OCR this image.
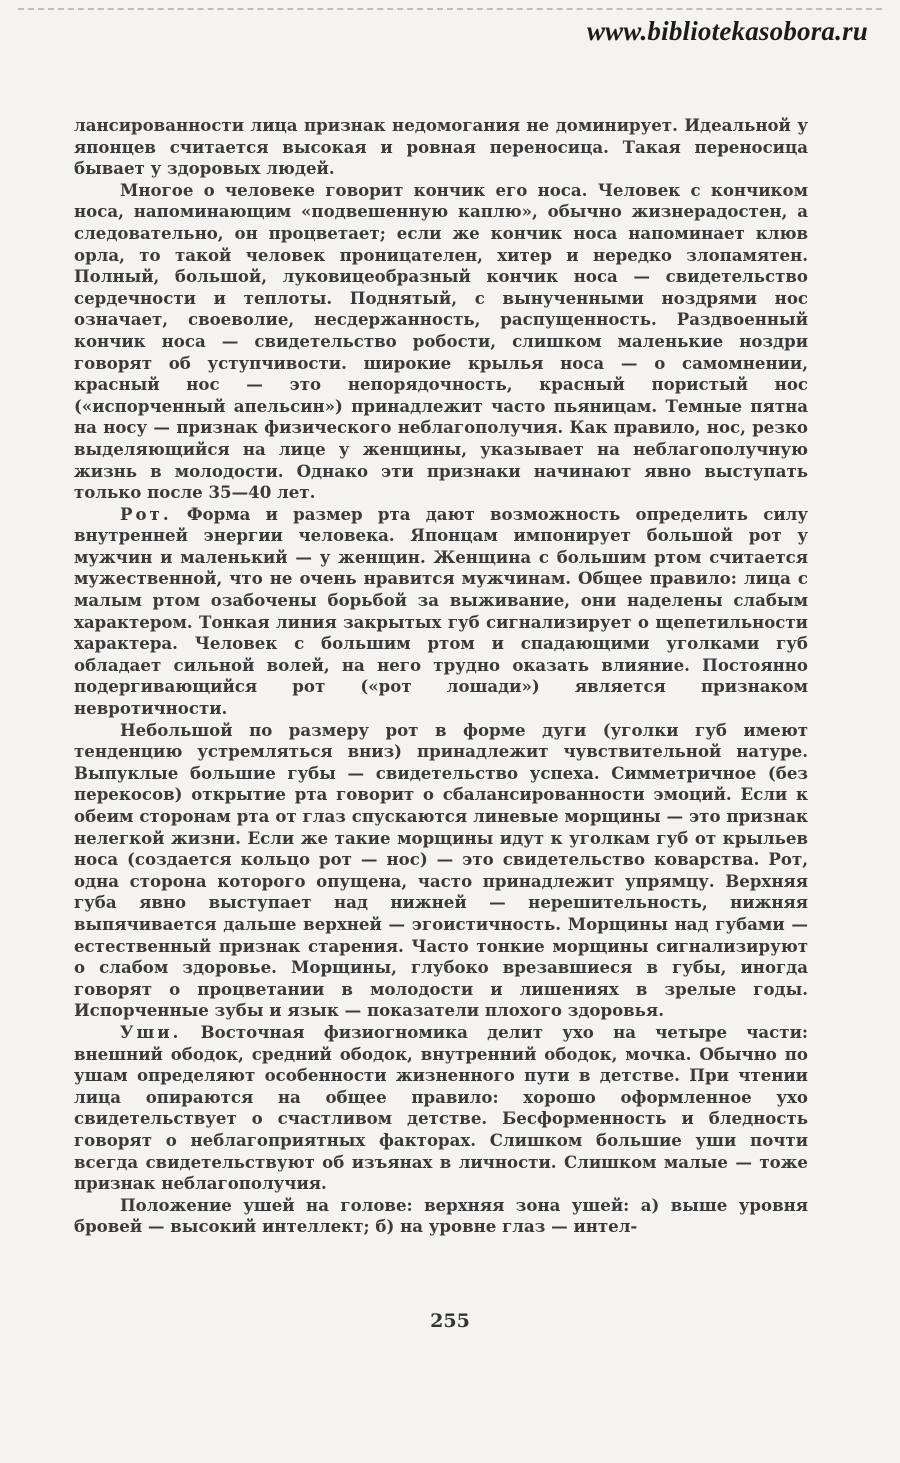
www.bibliotekasobora.ru

лансированности лица признак недомогания не доминирует. Идеальной у японцев считается высокая и ровная переносица. Такая переносица бывает у здоровых людей.

Многое о человеке говорит кончик его носа. Человек с кончиком носа, напоминающим «подвешенную каплю», обычно жизнерадостен, а следовательно, он процветает; если же кончик носа напоминает клюв орла, то такой человек проницателен, хитер и нередко злопамятен. Полный, большой, луковицеобразный кончик носа — свидетельство сердечности и теплоты. Поднятый, с вынученными ноздрями нос означает, своеволие, несдержанность, распущенность. Раздвоенный кончик носа — свидетельство робости, слишком маленькие ноздри говорят об уступчивости. широкие крылья носа — о самомнении, красный нос — это непорядочность, красный пористый нос («испорченный апельсин») принадлежит часто пьяницам. Темные пятна на носу — признак физического неблагополучия. Как правило, нос, резко выделяющийся на лице у женщины, указывает на неблагополучную жизнь в молодости. Однако эти признаки начинают явно выступать только после 35—40 лет.

Рот. Форма и размер рта дают возможность определить силу внутренней энергии человека. Японцам импонирует большой рот у мужчин и маленький — у женщин. Женщина с большим ртом считается мужественной, что не очень нравится мужчинам. Общее правило: лица с малым ртом озабочены борьбой за выживание, они наделены слабым характером. Тонкая линия закрытых губ сигнализирует о щепетильности характера. Человек с большим ртом и спадающими уголками губ обладает сильной волей, на него трудно оказать влияние. Постоянно подергивающийся рот («рот лошади») является признаком невротичности.

Небольшой по размеру рот в форме дуги (уголки губ имеют тенденцию устремляться вниз) принадлежит чувствительной натуре. Выпуклые большие губы — свидетельство успеха. Симметричное (без перекосов) открытие рта говорит о сбалансированности эмоций. Если к обеим сторонам рта от глаз спускаются линевые морщины — это признак нелегкой жизни. Если же такие морщины идут к уголкам губ от крыльев носа (создается кольцо рот — нос) — это свидетельство коварства. Рот, одна сторона которого опущена, часто принадлежит упрямцу. Верхняя губа явно выступает над нижней — нерешительность, нижняя выпячивается дальше верхней — эгоистичность. Морщины над губами — естественный признак старения. Часто тонкие морщины сигнализируют о слабом здоровье. Морщины, глубоко врезавшиеся в губы, иногда говорят о процветании в молодости и лишениях в зрелые годы. Испорченные зубы и язык — показатели плохого здоровья.

Уши. Восточная физиогномика делит ухо на четыре части: внешний ободок, средний ободок, внутренний ободок, мочка. Обычно по ушам определяют особенности жизненного пути в детстве. При чтении лица опираются на общее правило: хорошо оформленное ухо свидетельствует о счастливом детстве. Бесформенность и бледность говорят о неблагоприятных факторах. Слишком большие уши почти всегда свидетельствуют об изъянах в личности. Слишком малые — тоже признак неблагополучия.

Положение ушей на голове: верхняя зона ушей: а) выше уровня бровей — высокий интеллект; б) на уровне глаз — интел-

255
